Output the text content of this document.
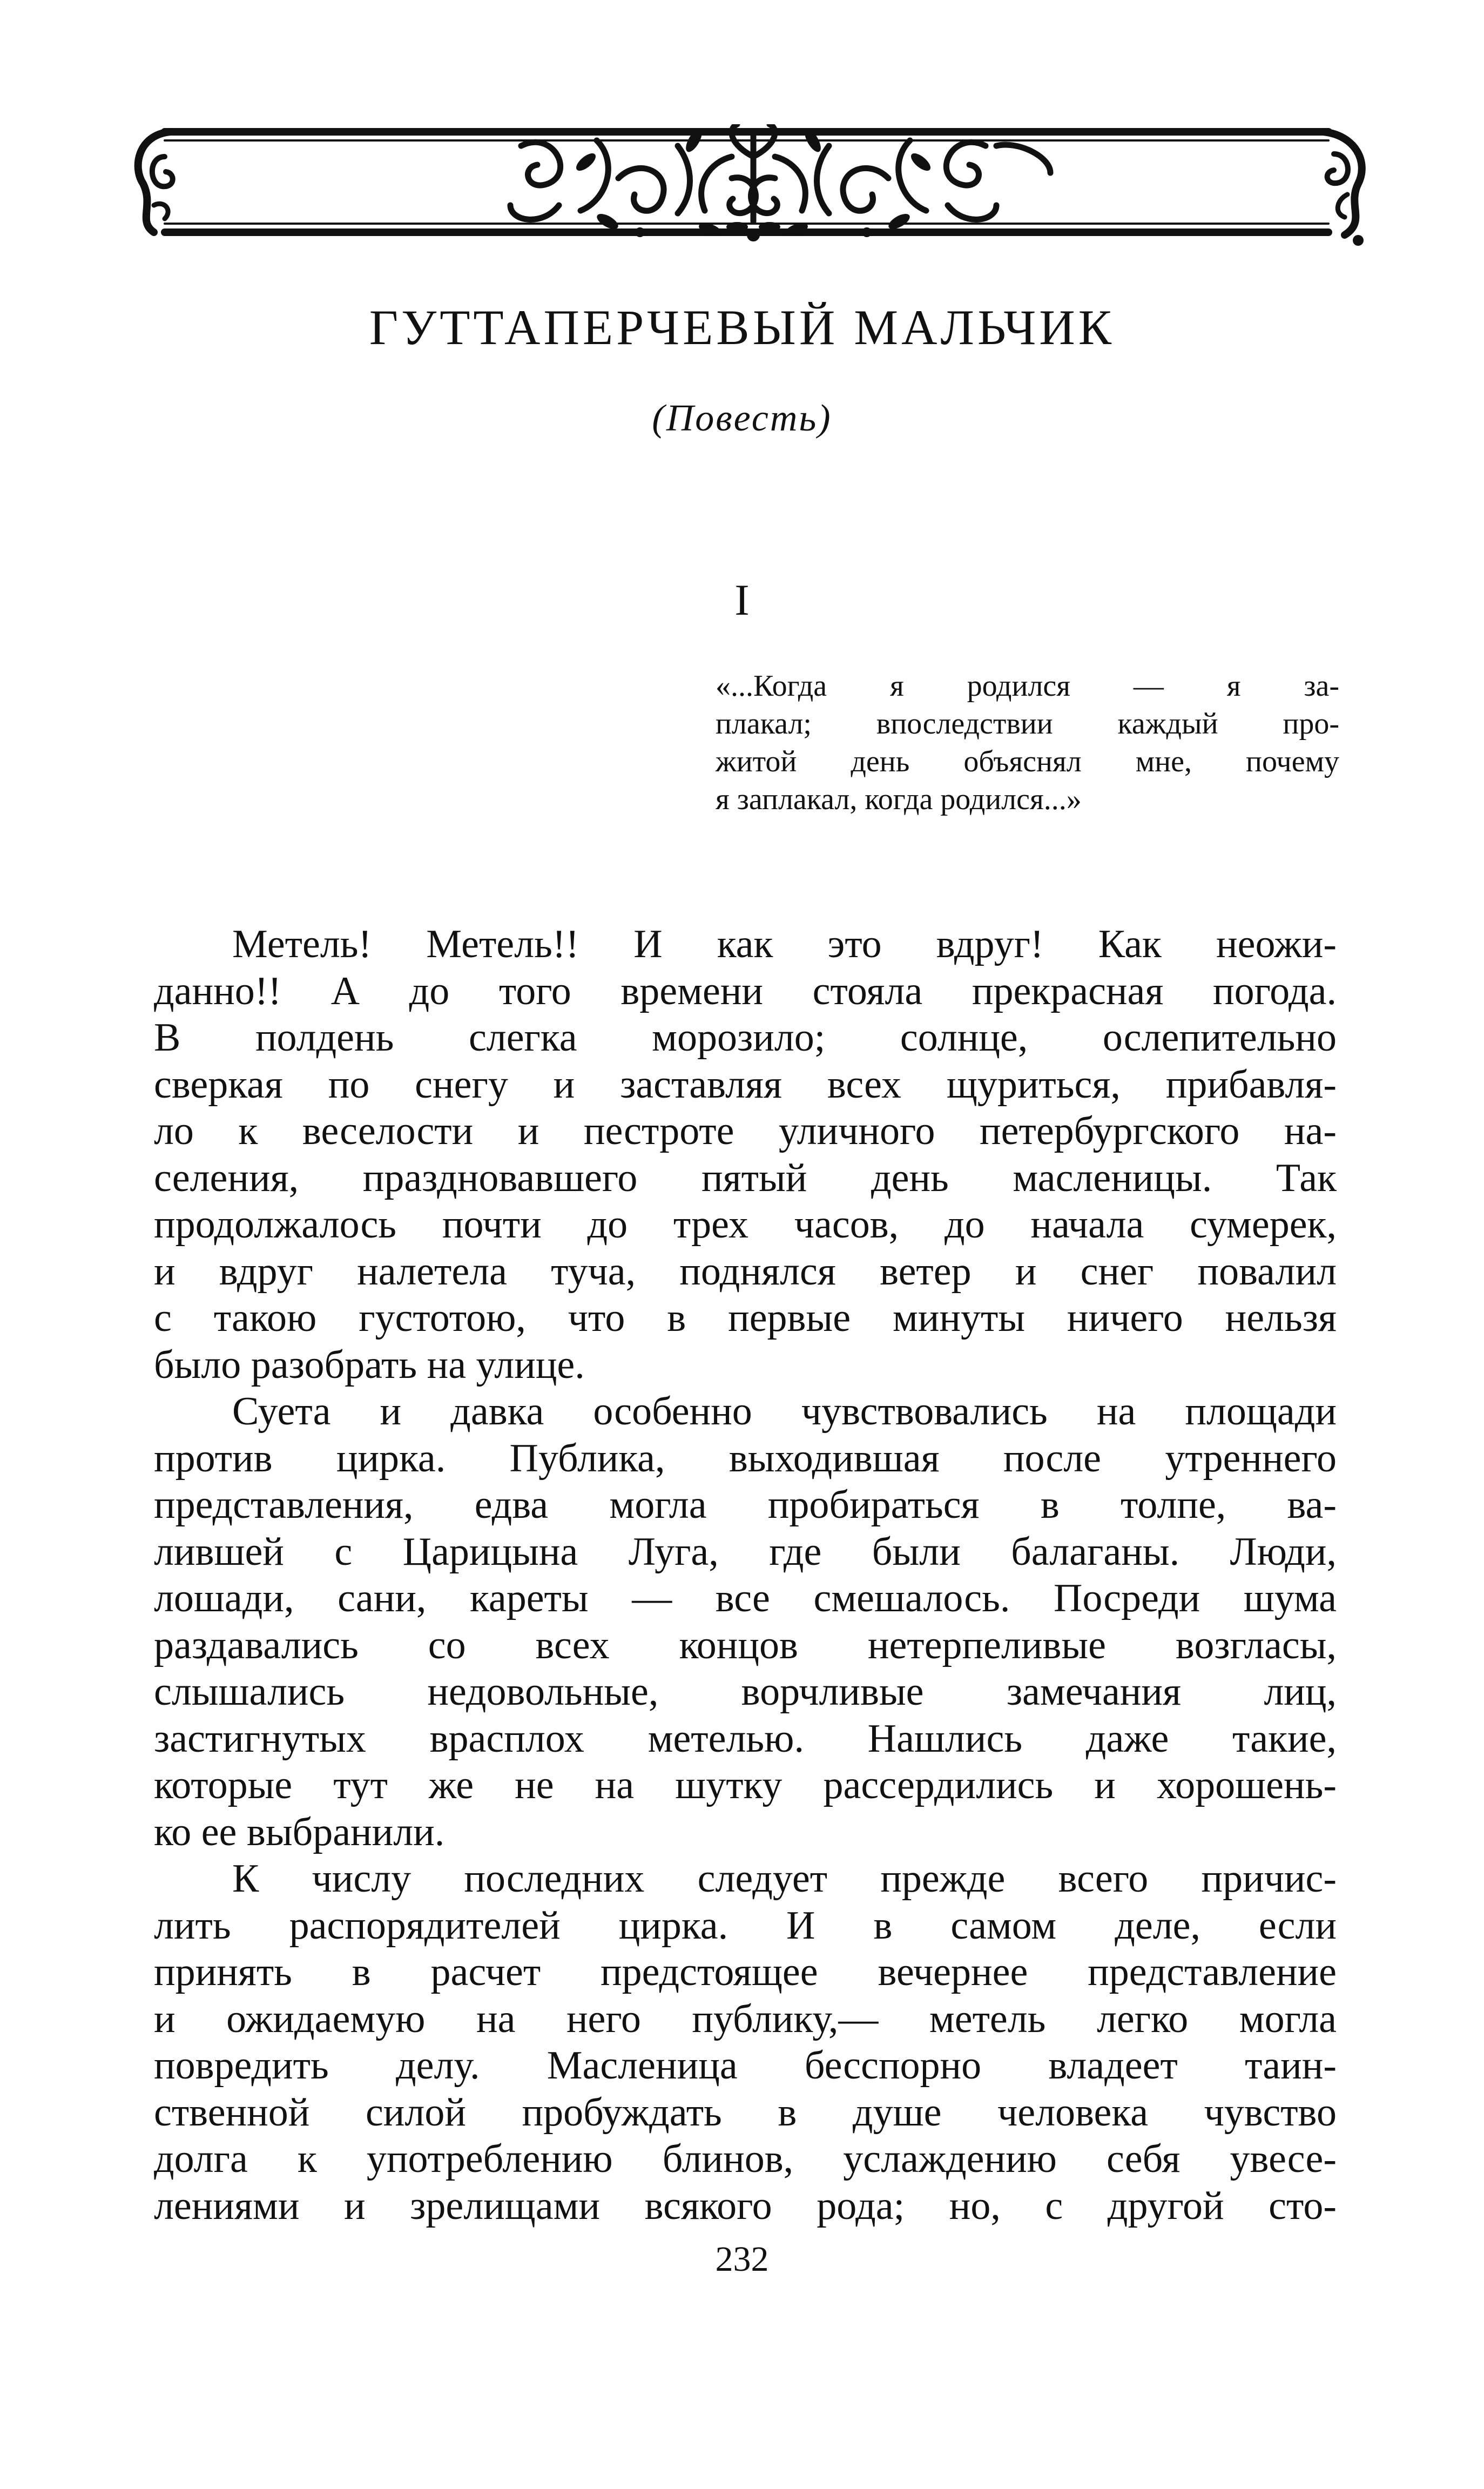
ГУТТАПЕРЧЕВЫЙ МАЛЬЧИК
(Повесть)
I
«...Когда я родился — я за-
плакал; впоследствии каждый про-
житой день объяснял мне, почему
я заплакал, когда родился...»
Метель! Метель!! И как это вдруг! Как неожи-
данно!! А до того времени стояла прекрасная погода.
В полдень слегка морозило; солнце, ослепительно
сверкая по снегу и заставляя всех щуриться, прибавля-
ло к веселости и пестроте уличного петербургского на-
селения, праздновавшего пятый день масленицы. Так
продолжалось почти до трех часов, до начала сумерек,
и вдруг налетела туча, поднялся ветер и снег повалил
с такою густотою, что в первые минуты ничего нельзя
было разобрать на улице.
Суета и давка особенно чувствовались на площади
против цирка. Публика, выходившая после утреннего
представления, едва могла пробираться в толпе, ва-
лившей с Царицына Луга, где были балаганы. Люди,
лошади, сани, кареты — все смешалось. Посреди шума
раздавались со всех концов нетерпеливые возгласы,
слышались недовольные, ворчливые замечания лиц,
застигнутых врасплох метелью. Нашлись даже такие,
которые тут же не на шутку рассердились и хорошень-
ко ее выбранили.
К числу последних следует прежде всего причис-
лить распорядителей цирка. И в самом деле, если
принять в расчет предстоящее вечернее представление
и ожидаемую на него публику,— метель легко могла
повредить делу. Масленица бесспорно владеет таин-
ственной силой пробуждать в душе человека чувство
долга к употреблению блинов, услаждению себя увесе-
лениями и зрелищами всякого рода; но, с другой сто-
232
